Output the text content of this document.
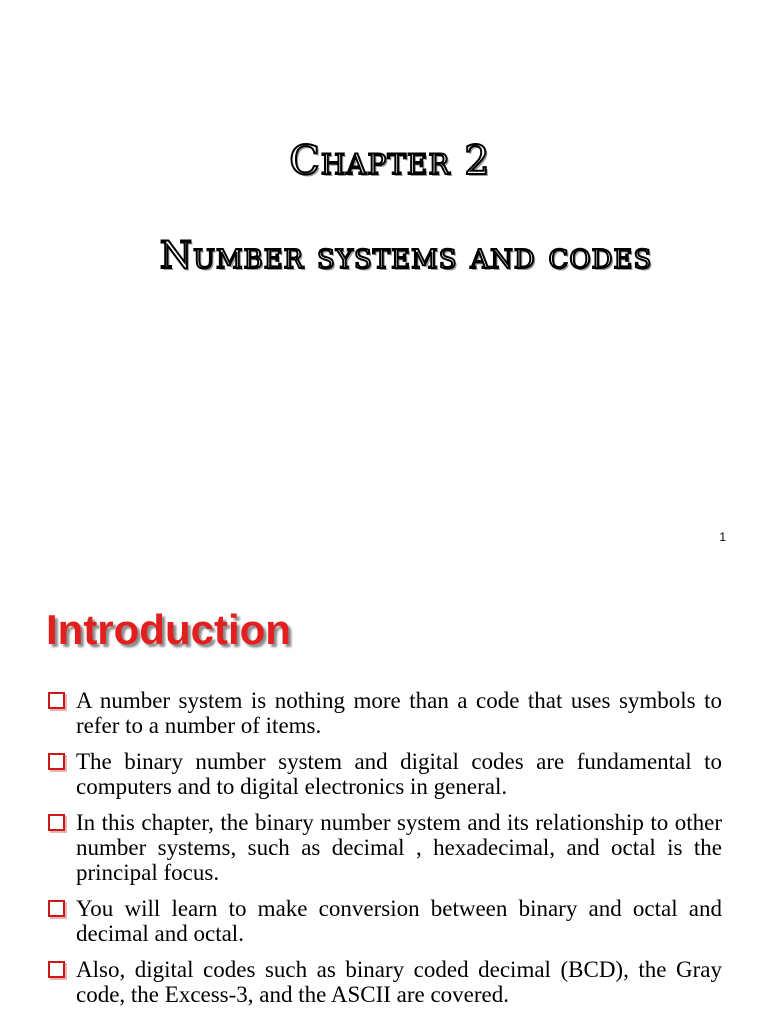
Chapter 2
Number systems and codes
1
Introduction
A number system is nothing more than a code that uses symbols to refer to a number of items.
The binary number system and digital codes are fundamental to computers and to digital electronics in general.
In this chapter, the binary number system and its relationship to other number systems, such as decimal , hexadecimal, and octal is the principal focus.
You will learn to make conversion between binary and octal and decimal and octal.
Also, digital codes such as binary coded decimal (BCD), the Gray code, the Excess-3, and the ASCII are covered.
